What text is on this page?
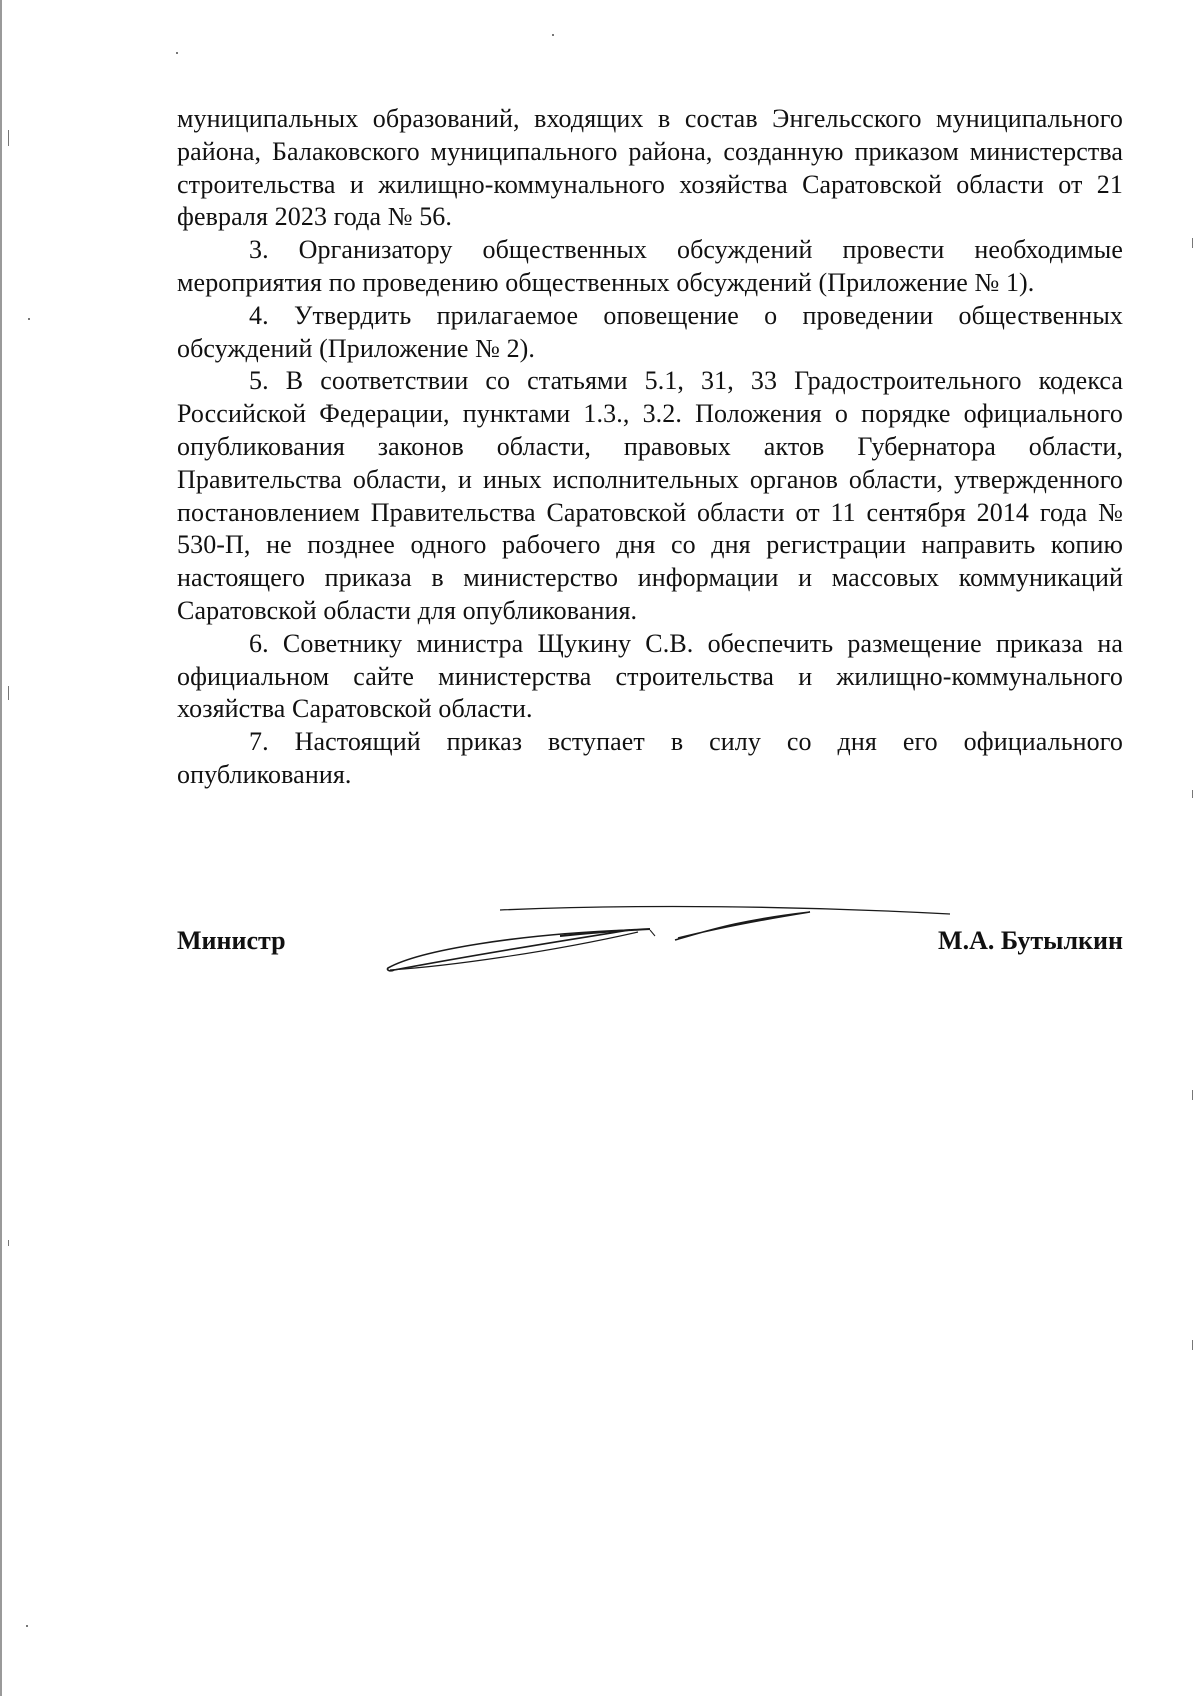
муниципальных образований, входящих в состав Энгельсского муниципального района, Балаковского муниципального района, созданную приказом министерства строительства и жилищно-коммунального хозяйства Саратовской области от 21 февраля 2023 года № 56.

3. Организатору общественных обсуждений провести необходимые мероприятия по проведению общественных обсуждений (Приложение № 1).

4. Утвердить прилагаемое оповещение о проведении общественных обсуждений (Приложение № 2).

5. В соответствии со статьями 5.1, 31, 33 Градостроительного кодекса Российской Федерации, пунктами 1.3., 3.2. Положения о порядке официального опубликования законов области, правовых актов Губернатора области, Правительства области, и иных исполнительных органов области, утвержденного постановлением Правительства Саратовской области от 11 сентября 2014 года № 530-П, не позднее одного рабочего дня со дня регистрации направить копию настоящего приказа в министерство информации и массовых коммуникаций Саратовской области для опубликования.

6. Советнику министра Щукину С.В. обеспечить размещение приказа на официальном сайте министерства строительства и жилищно-коммунального хозяйства Саратовской области.

7. Настоящий приказ вступает в силу со дня его официального опубликования.

Министр	М.А. Бутылкин
